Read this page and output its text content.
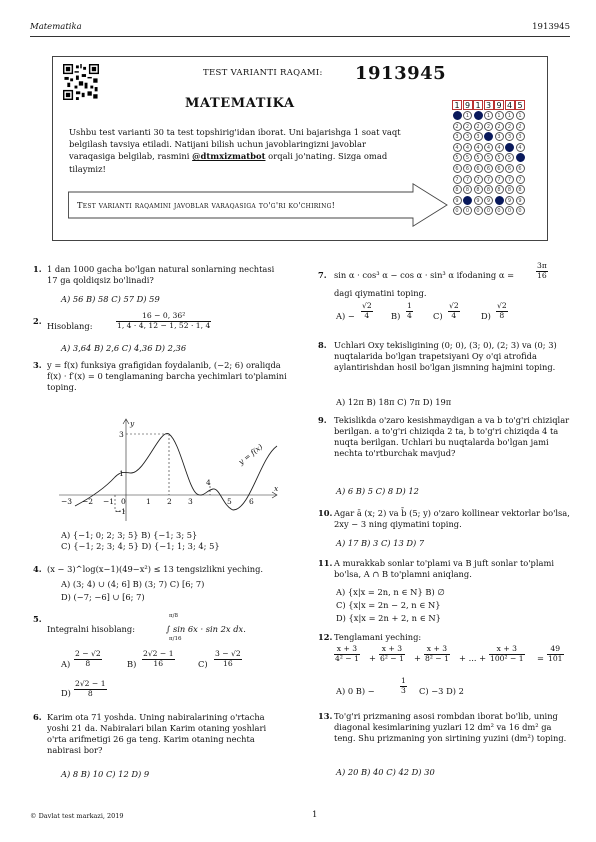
Matematika	1913945
TEST VARIANTI RAQAMI: 1913945
MATEMATIKA
Ushbu test varianti 30 ta test topshirig'idan iborat. Uni bajarishga 1 soat vaqt belgilash tavsiya etiladi. Natijani bilish uchun javoblaringizni javoblar varaqasiga belgilab, rasmini @dtmxizmatbot orqali jo'nating. Sizga omad tilaymiz!
Test varianti raqamini javoblar varaqasiga to'g'ri ko'chiring!
1
1
2
3
4
5
6
7
8
9
0
9
1
2
3
4
5
6
7
8
9
0
1
1
2
3
4
5
6
7
8
9
0
3
1
2
3
4
5
6
7
8
9
0
9
1
2
3
4
5
6
7
8
9
0
4
1
2
3
4
5
6
7
8
9
0
5
1
2
3
4
5
6
7
8
9
0
1. 1 dan 1000 gacha bo'lgan natural sonlarning nechtasi 17 ga qoldiqsiz bo'linadi?
A) 56 B) 58 C) 57 D) 59
2. Hisoblang:	$\frac{\text{16 − 0, 36²}}{1, 4 \cdot 4, 12 - 1, 52 \cdot 1, 4}$
A) 3,64 B) 2,6 C) 4,36 D) 2,36
3. y = f(x) funksiya grafigidan foydalanib, (−2; 6) oraliqda f(x) · f′(x) = 0 tenglamaning barcha yechimlari to'plamini toping.
y
x
y = f(x)
3
1
−1
4
−3 −2 −1 0	1 2 3	5 6
A) {−1; 0; 2; 3; 5} B) {−1; 3; 5}
C) {−1; 2; 3; 4; 5} D) {−1; 1; 3; 4; 5}
4. (x − 3)^log(x−1)(49−x²) ≤ 13 tengsizlikni yeching.
A) (3; 4) ∪ (4; 6] B) (3; 7) C) [6; 7)
D) (−7; −6] ∪ [6; 7)
5.
Integralni hisoblang:
π/8
π/16
∫ sin 6x · sin 2x dx.
$A) \frac{2 - √2}{8}$	$B) \frac{2√2 - 1}{16}$	$C) \frac{3 - √2}{16}$
$D) \frac{2√2 - 1}{8}$
6. Karim ota 71 yoshda. Uning nabiralarining o'rtacha yoshi 21 da. Nabiralari bilan Karim otaning yoshlari o'rta arifmetigi 26 ga teng. Karim otaning nechta nabirasi bor?
A) 8 B) 10 C) 12 D) 9
7. sin α · cos³ α − cos α · sin³ α ifodaning α =	$\frac{3\pi}{16}$
dagi qiymatini toping.
$A) - \frac{√2}{4} B) \frac{1}{4} C) \frac{√2}{4}$	$D) \frac{√2}{8}$
8. Uchlari Oxy tekisligining (0; 0), (3; 0), (2; 3) va (0; 3) nuqtalarida bo'lgan trapetsiyani Oy o'qi atrofida aylantirishdan hosil bo'lgan jismning hajmini toping.
A) 12π B) 18π C) 7π D) 19π
9. Tekislikda o'zaro kesishmaydigan a va b to'g'ri chiziqlar berilgan. a to'g'ri chiziqda 2 ta, b to'g'ri chiziqda 4 ta nuqta berilgan. Uchlari bu nuqtalarda bo'lgan jami nechta to'rtburchak mavjud?
A) 6 B) 5 C) 8 D) 12
10. Agar ā (x; 2) va b̄ (5; y) o'zaro kollinear vektorlar bo'lsa, 2xy − 3 ning qiymatini toping.
A) 17 B) 3 C) 13 D) 7
11. A murakkab sonlar to'plami va B juft sonlar to'plami bo'lsa, A ∩ B to'plamni aniqlang.
A) {x|x = 2n, n ∈ N} B) ∅
C) {x|x = 2n − 2, n ∈ N}
D) {x|x = 2n + 2, n ∈ N}
12. Tenglamani yeching:
$\frac{x + 3}{\text{4² − 1}} + \frac{x + 3}{\text{6² − 1}} + \frac{x + 3}{\text{8² − 1}}$ + ... + $\frac{x + 3}{\text{100² − 1}} = \frac{49}{101}$
A) 0 B) −	$\frac{1}{3} C) -3$ D) 2
13. To'g'ri prizmaning asosi rombdan iborat bo'lib, uning diagonal kesimlarining yuzlari 12 dm² va 16 dm² ga teng. Shu prizmaning yon sirtining yuzini (dm²) toping.
A) 20 B) 40 C) 42 D) 30
© Davlat test markazi, 2019	1
